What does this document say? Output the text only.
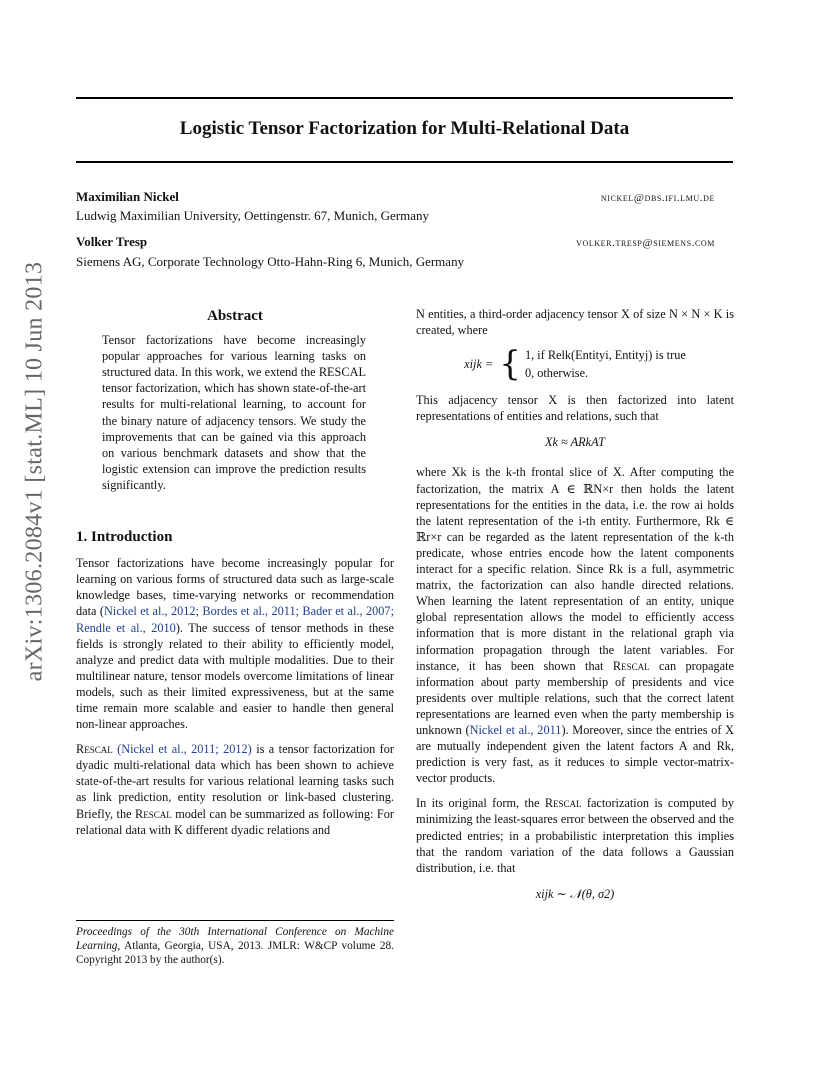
Logistic Tensor Factorization for Multi-Relational Data
Maximilian Nickel	nickel@dbs.ifi.lmu.de
Ludwig Maximilian University, Oettingenstr. 67, Munich, Germany
Volker Tresp	volker.tresp@siemens.com
Siemens AG, Corporate Technology Otto-Hahn-Ring 6, Munich, Germany
arXiv:1306.2084v1 [stat.ML] 10 Jun 2013	Abstract

Tensor factorizations have become increasingly popular approaches for various learning tasks on structured data. In this work, we extend the RESCAL tensor factorization, which has shown state-of-the-art results for multi-relational learning, to account for the binary nature of adjacency tensors. We study the improvements that can be gained via this approach on various benchmark datasets and show that the logistic extension can improve the prediction results significantly.

1. Introduction

Tensor factorizations have become increasingly popular for learning on various forms of structured data such as large-scale knowledge bases, time-varying networks or recommendation data (Nickel et al., 2012; Bordes et al., 2011; Bader et al., 2007; Rendle et al., 2010). The success of tensor methods in these fields is strongly related to their ability to efficiently model, analyze and predict data with multiple modalities. Due to their multilinear nature, tensor models overcome limitations of linear models, such as their limited expressiveness, but at the same time remain more scalable and easier to handle then general non-linear approaches.

Rescal (Nickel et al., 2011; 2012) is a tensor factorization for dyadic multi-relational data which has been shown to achieve state-of-the-art results for various relational learning tasks such as link prediction, entity resolution or link-based clustering. Briefly, the Rescal model can be summarized as following: For relational data with K different dyadic relations and

Proceedings of the 30th International Conference on Machine Learning, Atlanta, Georgia, USA, 2013. JMLR: W&CP volume 28. Copyright 2013 by the author(s).

N entities, a third-order adjacency tensor X of size N × N × K is created, where

xijk = { 1, if Relk(Entityi, Entityj) is true
0, otherwise.

This adjacency tensor X is then factorized into latent representations of entities and relations, such that

Xk ≈ ARkAT

where Xk is the k-th frontal slice of X. After computing the factorization, the matrix A ∈ ℝN×r then holds the latent representations for the entities in the data, i.e. the row ai holds the latent representation of the i-th entity. Furthermore, Rk ∈ ℝr×r can be regarded as the latent representation of the k-th predicate, whose entries encode how the latent components interact for a specific relation. Since Rk is a full, asymmetric matrix, the factorization can also handle directed relations. When learning the latent representation of an entity, unique global representation allows the model to efficiently access information that is more distant in the relational graph via information propagation through the latent variables. For instance, it has been shown that Rescal can propagate information about party membership of presidents and vice presidents over multiple relations, such that the correct latent representations are learned even when the party membership is unknown (Nickel et al., 2011). Moreover, since the entries of X are mutually independent given the latent factors A and Rk, prediction is very fast, as it reduces to simple vector-matrix-vector products.

In its original form, the Rescal factorization is computed by minimizing the least-squares error between the observed and the predicted entries; in a probabilistic interpretation this implies that the random variation of the data follows a Gaussian distribution, i.e. that

xijk ∼ 𝒩(θ, σ2)
